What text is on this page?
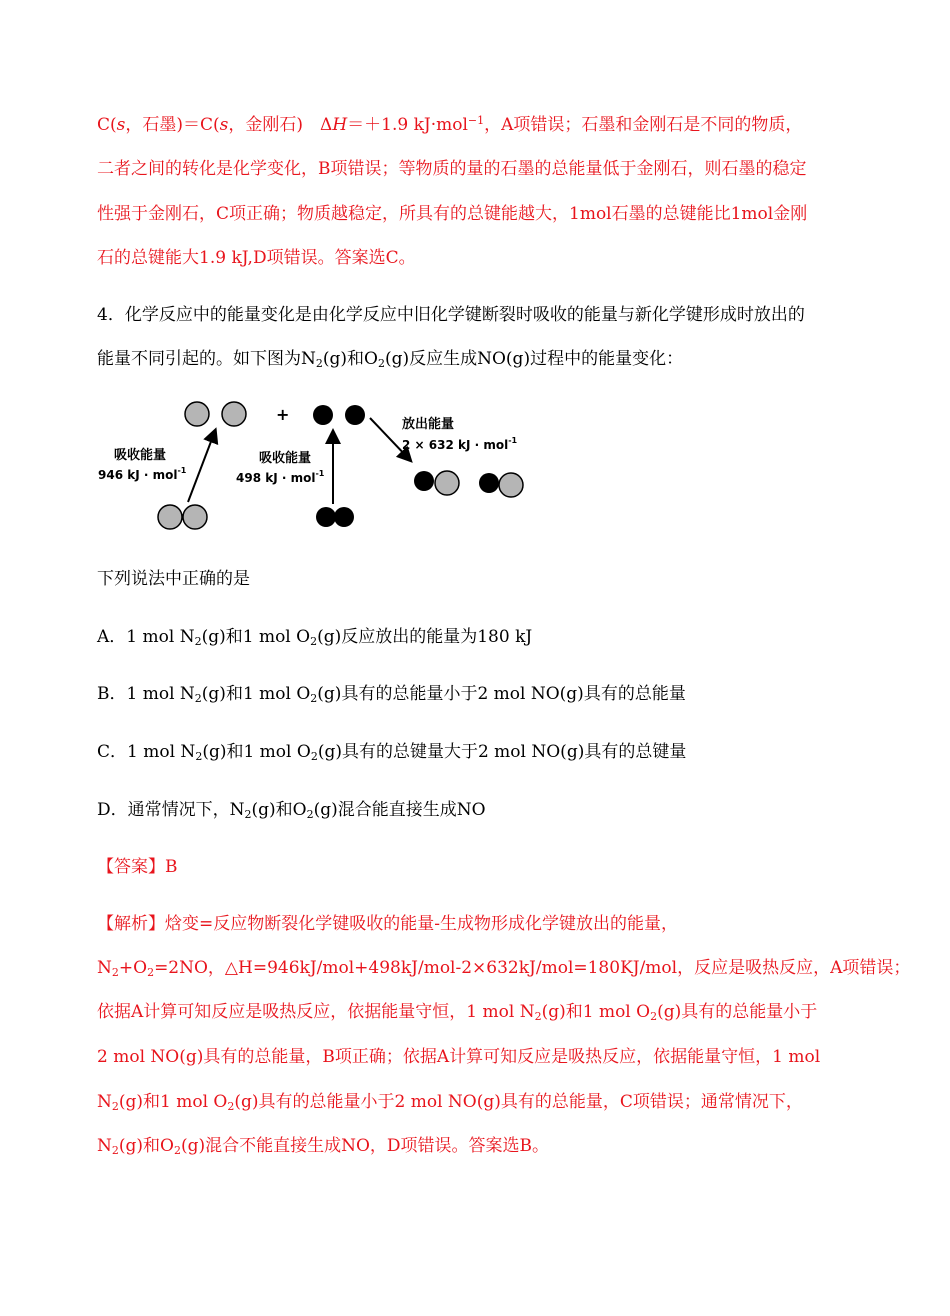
C(s，石墨)＝C(s，金刚石)　ΔH＝＋1.9 kJ·mol$^{-1}$，A项错误；石墨和金刚石是不同的物质，
二者之间的转化是化学变化，B项错误；等物质的量的石墨的总能量低于金刚石，则石墨的稳定
性强于金刚石，C项正确；物质越稳定，所具有的总键能越大，1mol石墨的总键能比1mol金刚
石的总键能大1.9 kJ,D项错误。答案选C。
4．化学反应中的能量变化是由化学反应中旧化学键断裂时吸收的能量与新化学键形成时放出的
能量不同引起的。如下图为$N_2(g)$和$O_2(g)$反应生成NO(g)过程中的能量变化：
+
吸收能量
946 kJ · mol$^{-1}$
吸收能量
498 kJ · mol$^{-1}$
放出能量
2 × 632 kJ · mol$^{-1}$
下列说法中正确的是
A．1 mol $N_2(g)$和1 mol $O_2(g)$反应放出的能量为180 kJ
B．1 mol $N_2(g)$和1 mol $O_2(g)$具有的总能量小于2 mol NO(g)具有的总能量
C．1 mol $N_2(g)$和1 mol $O_2(g)$具有的总键量大于2 mol NO(g)具有的总键量
D．通常情况下，$N_2(g)$和$O_2(g)$混合能直接生成NO
【答案】B
【解析】焓变=反应物断裂化学键吸收的能量-生成物形成化学键放出的能量，
$N_2+O_2=2NO$，△H=946kJ/mol+498kJ/mol-2×632kJ/mol=180KJ/mol，反应是吸热反应，A项错误；
依据A计算可知反应是吸热反应，依据能量守恒，1 mol $N_2(g)$和1 mol $O_2(g)$具有的总能量小于
2 mol NO(g)具有的总能量，B项正确；依据A计算可知反应是吸热反应，依据能量守恒，1 mol
$N_2(g)$和1 mol $O_2(g)$具有的总能量小于2 mol NO(g)具有的总能量，C项错误；通常情况下，
$N_2(g)$和$O_2(g)$混合不能直接生成NO，D项错误。答案选B。
